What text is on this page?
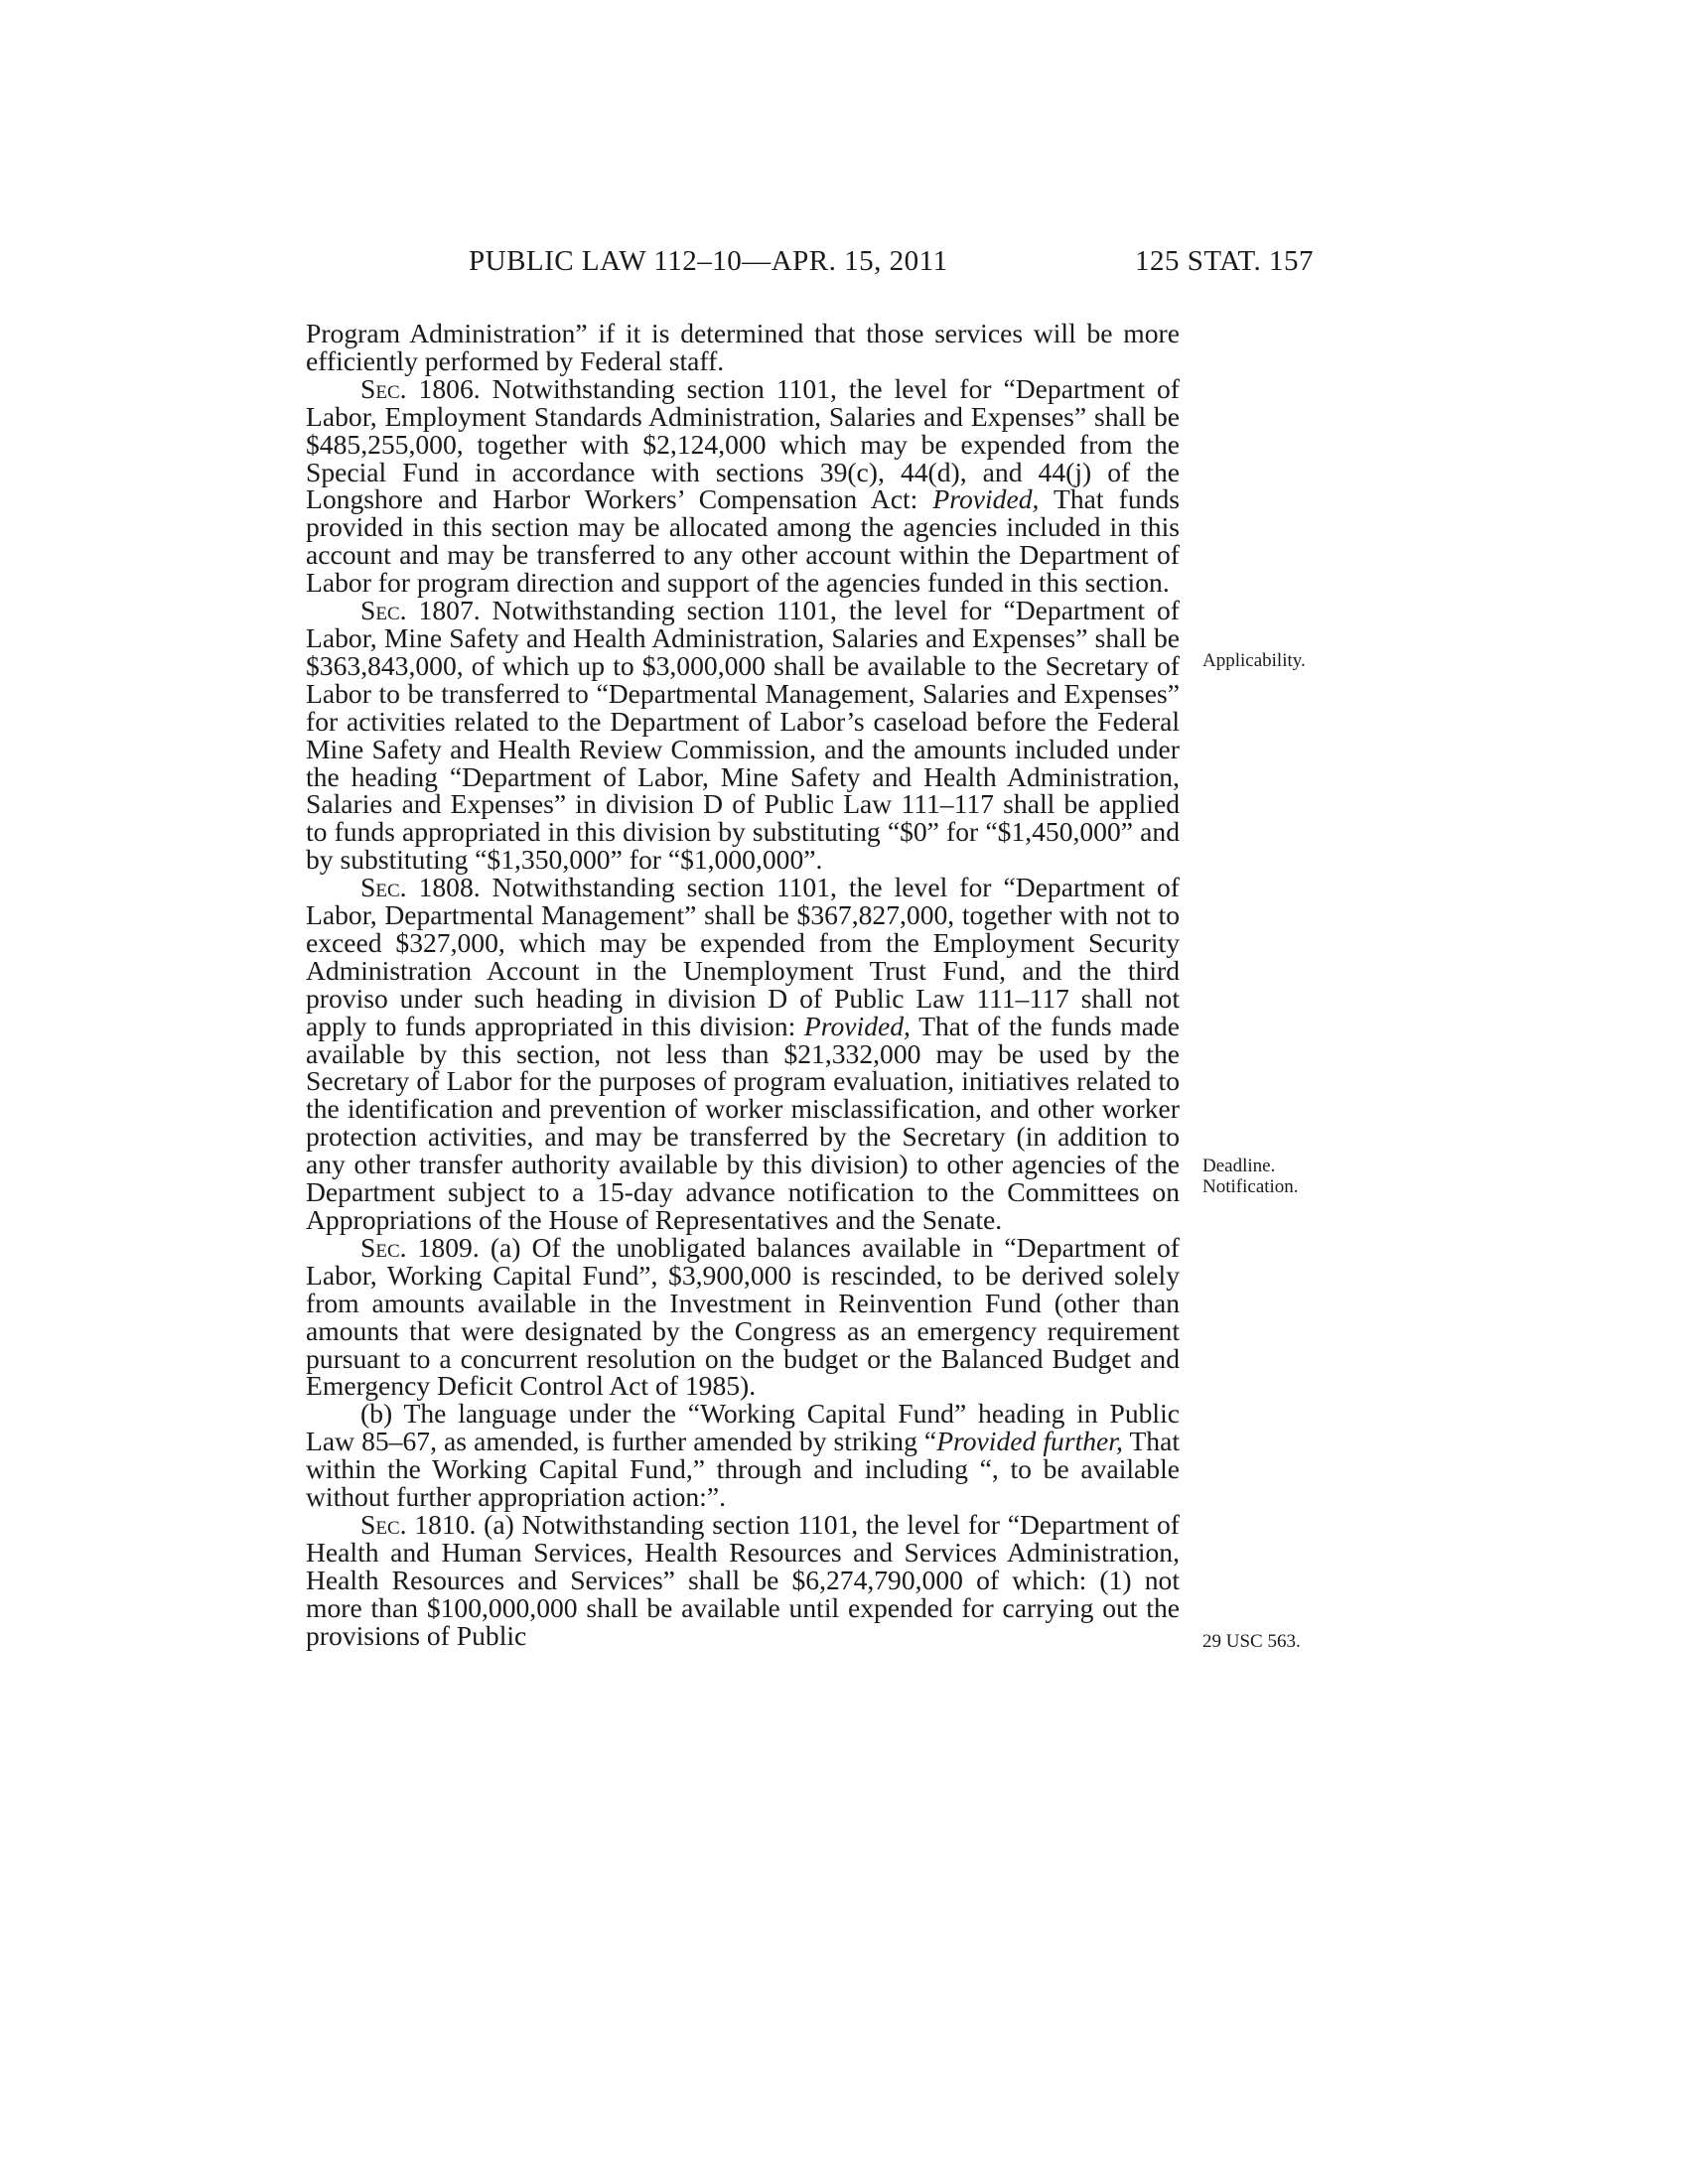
PUBLIC LAW 112–10—APR. 15, 2011	125 STAT. 157

Program Administration” if it is determined that those services will be more efficiently performed by Federal staff.

Sec. 1806. Notwithstanding section 1101, the level for “Department of Labor, Employment Standards Administration, Salaries and Expenses” shall be $485,255,000, together with $2,124,000 which may be expended from the Special Fund in accordance with sections 39(c), 44(d), and 44(j) of the Longshore and Harbor Workers’ Compensation Act: Provided, That funds provided in this section may be allocated among the agencies included in this account and may be transferred to any other account within the Department of Labor for program direction and support of the agencies funded in this section.

Sec. 1807. Notwithstanding section 1101, the level for “Department of Labor, Mine Safety and Health Administration, Salaries and Expenses” shall be $363,843,000, of which up to $3,000,000 shall be available to the Secretary of Labor to be transferred to “Departmental Management, Salaries and Expenses” for activities related to the Department of Labor’s caseload before the Federal Mine Safety and Health Review Commission, and the amounts included under the heading “Department of Labor, Mine Safety and Health Administration, Salaries and Expenses” in division D of Public Law 111–117 shall be applied to funds appropriated in this division by substituting “$0” for “$1,450,000” and by substituting “$1,350,000” for “$1,000,000”.

Sec. 1808. Notwithstanding section 1101, the level for “Department of Labor, Departmental Management” shall be $367,827,000, together with not to exceed $327,000, which may be expended from the Employment Security Administration Account in the Unemployment Trust Fund, and the third proviso under such heading in division D of Public Law 111–117 shall not apply to funds appropriated in this division: Provided, That of the funds made available by this section, not less than $21,332,000 may be used by the Secretary of Labor for the purposes of program evaluation, initiatives related to the identification and prevention of worker misclassification, and other worker protection activities, and may be transferred by the Secretary (in addition to any other transfer authority available by this division) to other agencies of the Department subject to a 15-day advance notification to the Committees on Appropriations of the House of Representatives and the Senate.

Sec. 1809. (a) Of the unobligated balances available in “Department of Labor, Working Capital Fund”, $3,900,000 is rescinded, to be derived solely from amounts available in the Investment in Reinvention Fund (other than amounts that were designated by the Congress as an emergency requirement pursuant to a concurrent resolution on the budget or the Balanced Budget and Emergency Deficit Control Act of 1985).

(b) The language under the “Working Capital Fund” heading in Public Law 85–67, as amended, is further amended by striking “Provided further, That within the Working Capital Fund,” through and including “, to be available without further appropriation action:”.

Sec. 1810. (a) Notwithstanding section 1101, the level for “Department of Health and Human Services, Health Resources and Services Administration, Health Resources and Services” shall be $6,274,790,000 of which: (1) not more than $100,000,000 shall be available until expended for carrying out the provisions of Public

Applicability.
Deadline.
Notification.
29 USC 563.
